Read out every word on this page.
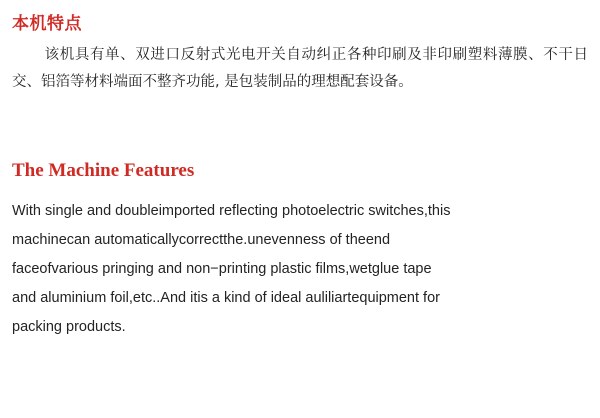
本机特点
该机具有单、双进口反射式光电开关自动纠正各种印刷及非印刷塑料薄膜、不干日交、铝箔等材料端面不整齐功能, 是包装制品的理想配套设备。
The Machine Features
With single and doubleimported reflecting photoelectric switches,this
machinecan automaticallycorrectthe.unevenness of theend
faceofvarious pringing and non−printing plastic films,wetglue tape
and aluminium foil,etc..And itis a kind of ideal auliliartequipment for
packing products.
